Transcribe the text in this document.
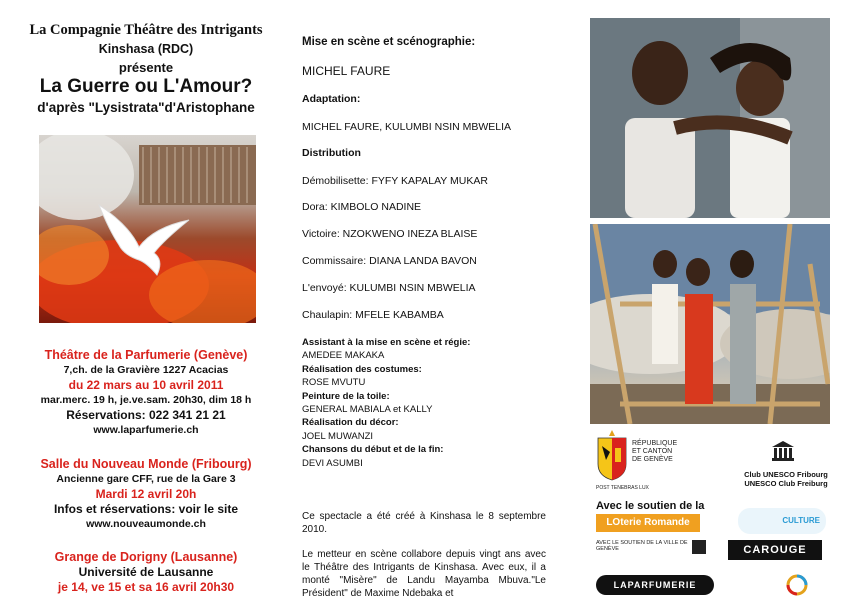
La Compagnie Théâtre des Intrigants
Kinshasa (RDC)
présente
La Guerre ou L'Amour?
d'après "Lysistrata"d'Aristophane
Théâtre de la Parfumerie (Genève)
7,ch. de la Gravière 1227 Acacias
du 22 mars au 10 avril 2011
mar.merc. 19 h, je.ve.sam. 20h30, dim 18 h
Réservations: 022 341 21 21
www.laparfumerie.ch
Salle du Nouveau Monde (Fribourg)
Ancienne gare CFF, rue de la Gare 3
Mardi 12 avril 20h
Infos et réservations: voir le site
www.nouveaumonde.ch
Grange de Dorigny (Lausanne)
Université de Lausanne
je 14, ve 15 et sa 16 avril 20h30
Mise en scène et scénographie:
MICHEL FAURE
Adaptation:
MICHEL FAURE, KULUMBI NSIN MBWELIA
Distribution
Démobilisette: FYFY KAPALAY MUKAR
Dora: KIMBOLO NADINE
Victoire: NZOKWENO INEZA BLAISE
Commissaire: DIANA LANDA BAVON
L'envoyé: KULUMBI NSIN MBWELIA
Chaulapin: MFELE KABAMBA
Assistant à la mise en scène et régie:
AMEDEE MAKAKA
Réalisation des costumes:
ROSE MVUTU
Peinture de la toile:
GENERAL MABIALA et KALLY
Réalisation du décor:
JOEL MUWANZI
Chansons du début et de la fin:
DEVI ASUMBI
Ce spectacle a été créé à Kinshasa le 8 septembre 2010.
Le metteur en scène collabore depuis vingt ans avec le Théâtre des Intrigants de Kinshasa. Avec eux, il a monté "Misère" de Landu Mayamba Mbuva."Le Président" de Maxime Ndebaka et
RÉPUBLIQUE
ET CANTON
DE GENÈVE
POST TENEBRAS LUX
Club UNESCO Fribourg
UNESCO Club Freiburg
Avec le soutien de la
LOterie Romande	CULTURE
AVEC LE SOUTIEN DE LA VILLE DE GENÈVE	CAROUGE
LAPARFUMERIE
